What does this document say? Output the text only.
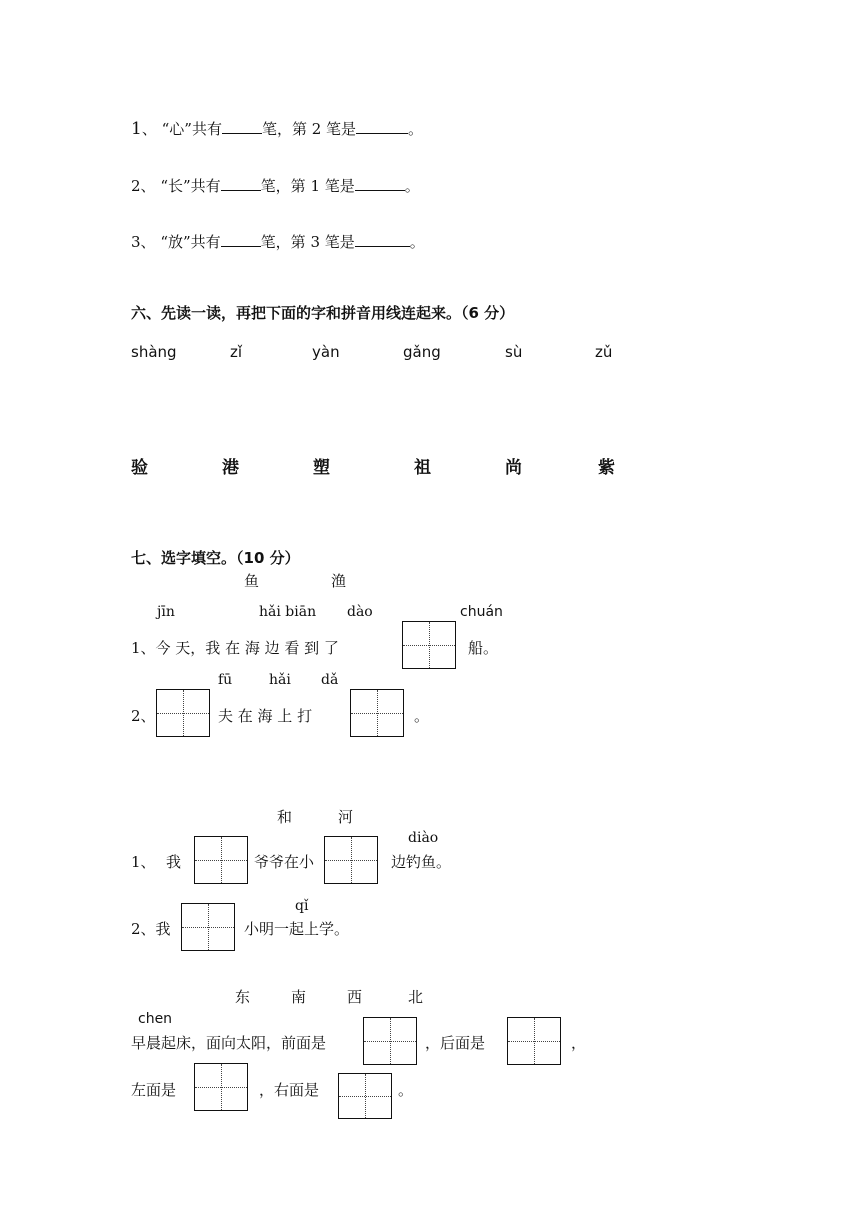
1、 “心”共有	笔，第 2 笔是	。
2、 “长”共有	笔，第 1 笔是	。
3、 “放”共有	笔，第 3 笔是	。
六、先读一读，再把下面的字和拼音用线连起来。（6 分）
shàng	zǐ	yàn	gǎng	sù	zǔ
验	港	塑	祖	尚	紫
七、选字填空。（10 分）
鱼	渔
jīn	hǎi biān dào	chuán
1、今 天，我 在 海 边 看 到 了	船。
fū	hǎi dǎ
2、	夫 在 海 上 打	。
和	河
diào
1、 我	爷爷在小	边钓鱼。
qǐ
2、我	小明一起上学。
东	南	西	北
chen
早晨起床，面向太阳，前面是	，后面是	，
左面是	，右面是	。
